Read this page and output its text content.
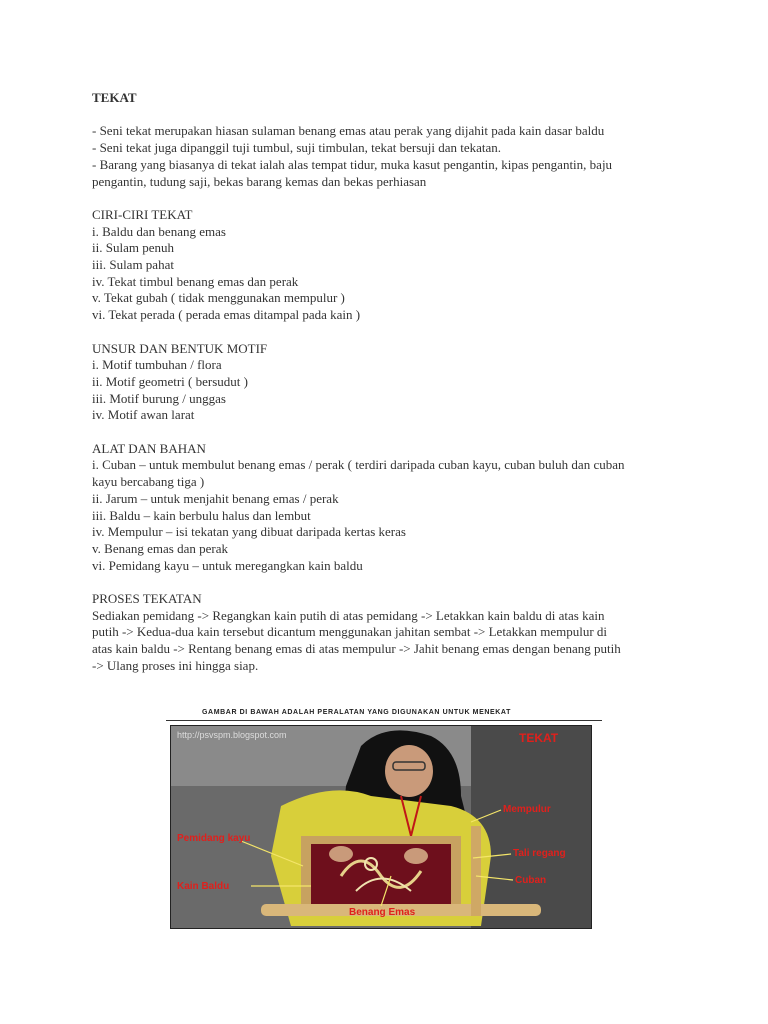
TEKAT
- Seni tekat merupakan hiasan sulaman benang emas atau perak yang dijahit pada kain dasar baldu
- Seni tekat juga dipanggil tuji tumbul, suji timbulan, tekat bersuji dan tekatan.
- Barang yang biasanya di tekat ialah alas tempat tidur, muka kasut pengantin, kipas pengantin, baju
pengantin, tudung saji, bekas barang kemas dan bekas perhiasan
CIRI-CIRI TEKAT
i. Baldu dan benang emas
ii. Sulam penuh
iii. Sulam pahat
iv. Tekat timbul benang emas dan perak
v. Tekat gubah ( tidak menggunakan mempulur )
vi. Tekat perada ( perada emas ditampal pada kain )
UNSUR DAN BENTUK MOTIF
i. Motif tumbuhan / flora
ii. Motif geometri ( bersudut )
iii. Motif burung / unggas
iv. Motif awan larat
ALAT DAN BAHAN
i. Cuban – untuk membulut benang emas / perak ( terdiri daripada cuban kayu, cuban buluh dan cuban
kayu bercabang tiga )
ii. Jarum – untuk menjahit benang emas / perak
iii. Baldu – kain berbulu halus dan lembut
iv. Mempulur – isi tekatan yang dibuat daripada kertas keras
v. Benang emas dan perak
vi. Pemidang kayu – untuk meregangkan kain baldu
PROSES TEKATAN
Sediakan pemidang -> Regangkan kain putih di atas pemidang -> Letakkan kain baldu di atas kain
putih -> Kedua-dua kain tersebut dicantum menggunakan jahitan sembat -> Letakkan mempulur di
atas kain baldu -> Rentang benang emas di atas mempulur -> Jahit benang emas dengan benang putih
-> Ulang proses ini hingga siap.
GAMBAR DI BAWAH ADALAH PERALATAN YANG DIGUNAKAN UNTUK MENEKAT
http://psvspm.blogspot.com	TEKAT
Mempulur
Pemidang kayu
Tali regang
Kain Baldu
Cuban
Benang Emas
